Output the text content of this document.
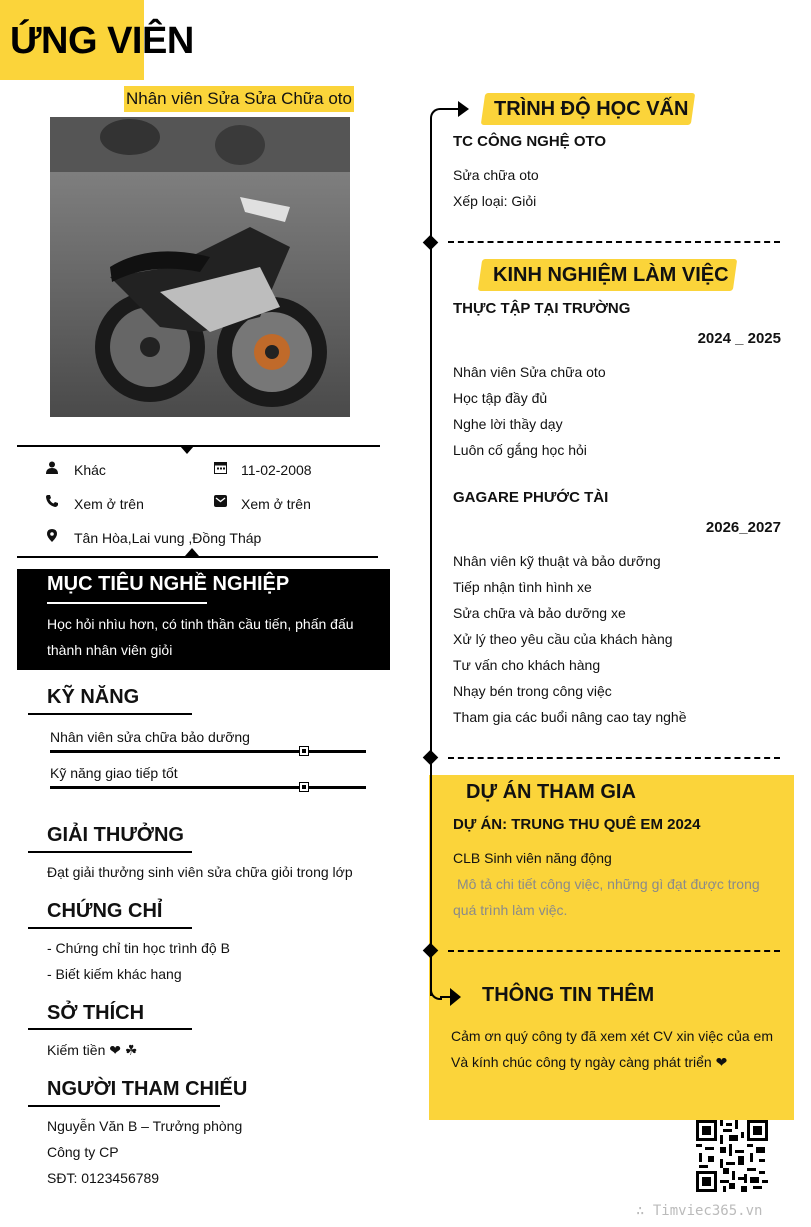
ỨNG VIÊN
Nhân viên Sửa Sửa Chữa oto
Khác	11-02-2008
Xem ở trên	Xem ở trên
Tân Hòa,Lai vung ,Đồng Tháp
MỤC TIÊU NGHỀ NGHIỆP
Học hỏi nhìu hơn, có tinh thần cầu tiến, phấn đấu
thành nhân viên giỏi
KỸ NĂNG
Nhân viên sửa chữa bảo dưỡng
Kỹ năng giao tiếp tốt
GIẢI THƯỞNG
Đạt giải thưởng sinh viên sửa chữa giỏi trong lớp
CHỨNG CHỈ
- Chứng chỉ tin học trình độ B
- Biết kiếm khác hang
SỞ THÍCH
Kiếm tiền ❤ ☘
NGƯỜI THAM CHIẾU
Nguyễn Văn B – Trưởng phòng
Công ty CP
SĐT: 0123456789
TRÌNH ĐỘ HỌC VẤN
TC CÔNG NGHỆ OTO
Sửa chữa oto
Xếp loại: Giỏi
KINH NGHIỆM LÀM VIỆC
THỰC TẬP TẠI TRƯỜNG
2024 _ 2025
Nhân viên Sửa chữa oto
Học tập đầy đủ
Nghe lời thầy dạy
Luôn cố gắng học hỏi
GAGARE PHƯỚC TÀI
2026_2027
Nhân viên kỹ thuật và bảo dưỡng
Tiếp nhận tình hình xe
Sửa chữa và bảo dưỡng xe
Xử lý theo yêu cầu của khách hàng
Tư vấn cho khách hàng
Nhạy bén trong công việc
Tham gia các buổi nâng cao tay nghề
DỰ ÁN THAM GIA
DỰ ÁN: TRUNG THU QUÊ EM 2024
CLB Sinh viên năng động
Mô tả chi tiết công việc, những gì đạt được trong
quá trình làm việc.
THÔNG TIN THÊM
Cảm ơn quý công ty đã xem xét CV xin việc của em
Và kính chúc công ty ngày càng phát triển ❤
∴ Timviec365.vn
